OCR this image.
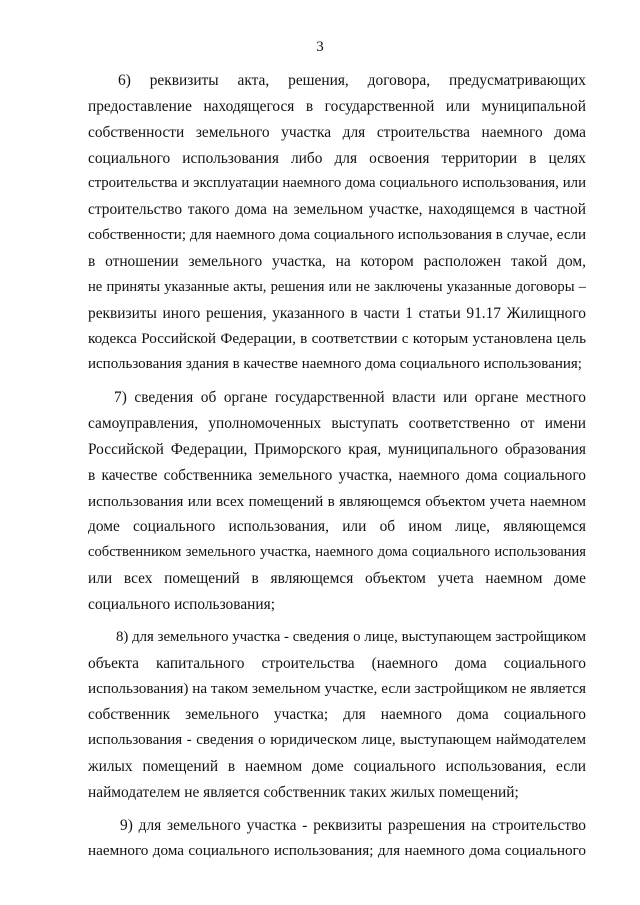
3
6) реквизиты акта, решения, договора, предусматривающих
предоставление находящегося в государственной или муниципальной
собственности земельного участка для строительства наемного дома
социального использования либо для освоения территории в целях
строительства и эксплуатации наемного дома социального использования, или
строительство такого дома на земельном участке, находящемся в частной
собственности; для наемного дома социального использования в случае, если
в отношении земельного участка, на котором расположен такой дом,
не приняты указанные акты, решения или не заключены указанные договоры –
реквизиты иного решения, указанного в части 1 статьи 91.17 Жилищного
кодекса Российской Федерации, в соответствии с которым установлена цель
использования здания в качестве наемного дома социального использования;
7) сведения об органе государственной власти или органе местного
самоуправления, уполномоченных выступать соответственно от имени
Российской Федерации, Приморского края, муниципального образования
в качестве собственника земельного участка, наемного дома социального
использования или всех помещений в являющемся объектом учета наемном
доме социального использования, или об ином лице, являющемся
собственником земельного участка, наемного дома социального использования
или всех помещений в являющемся объектом учета наемном доме
социального использования;
8) для земельного участка - сведения о лице, выступающем застройщиком
объекта капитального строительства (наемного дома социального
использования) на таком земельном участке, если застройщиком не является
собственник земельного участка; для наемного дома социального
использования - сведения о юридическом лице, выступающем наймодателем
жилых помещений в наемном доме социального использования, если
наймодателем не является собственник таких жилых помещений;
9) для земельного участка - реквизиты разрешения на строительство
наемного дома социального использования; для наемного дома социального
